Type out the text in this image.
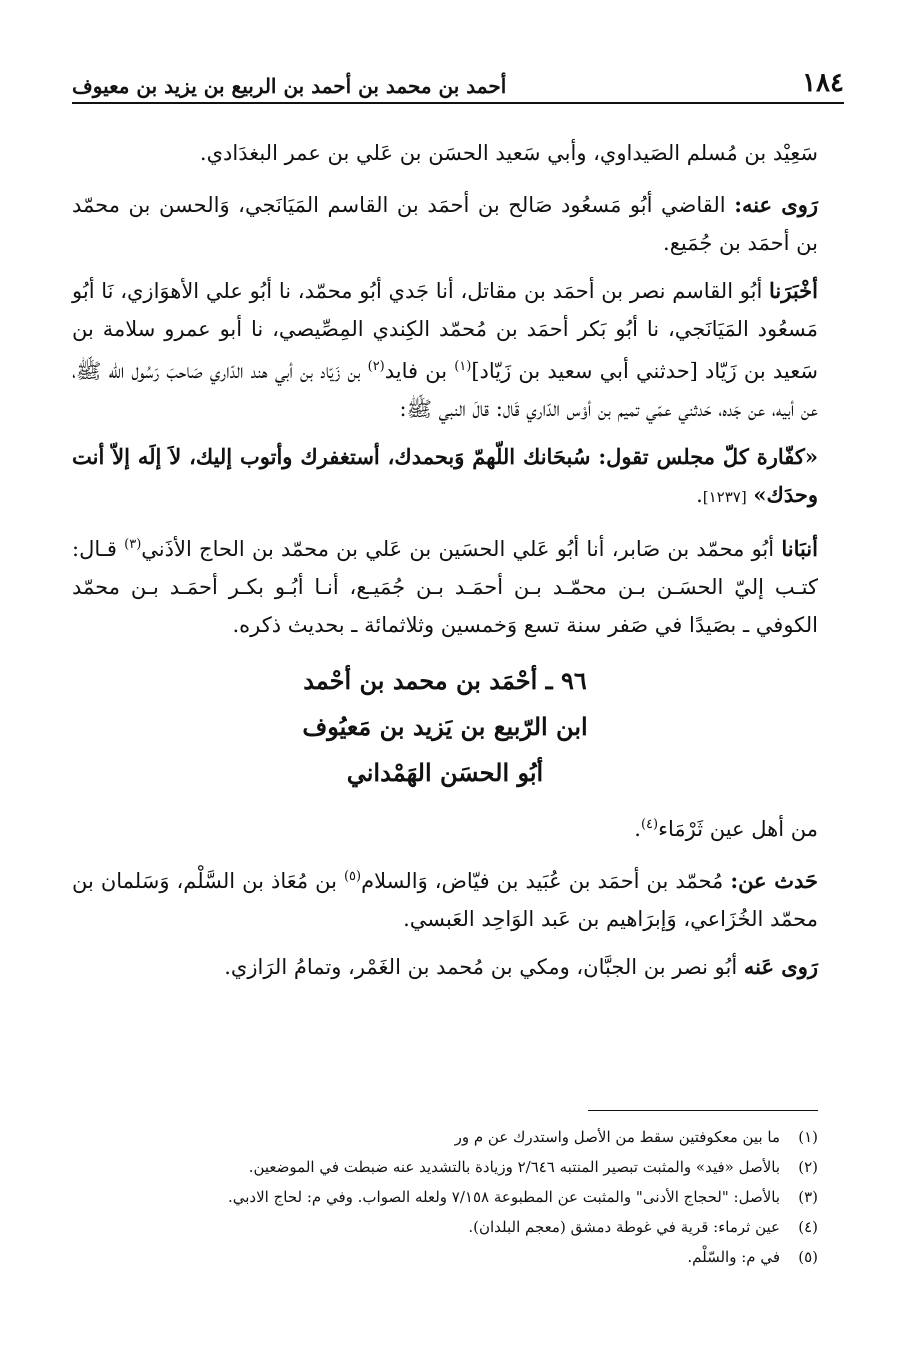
١٨٤
أحمد بن محمد بن أحمد بن الربيع بن يزيد بن معيوف

سَعِيْد بن مُسلم الصَيداوي، وأبي سَعيد الحسَن بن عَلي بن عمر البغدَادي.

رَوى عنه: القاضي أبُو مَسعُود صَالح بن أحمَد بن القاسم المَيَانَجي، وَالحسن بن محمّد بن أحمَد بن جُمَيع.

أخْبَرَنا أبُو القاسم نصر بن أحمَد بن مقاتل، أنا جَدي أبُو محمّد، نا أبُو علي الأهوَازي، نَا أبُو مَسعُود المَيَانَجي، نا أبُو بَكر أحمَد بن مُحمّد الكِندي المِصِّيصي، نا أبو عمرو سلامة بن سَعيد بن زَيّاد [حدثني أبي سعيد بن زَيّاد]$^{(١)}$ بن فايد$^{(٢)}$ بن زَيّاد بن أبي هند الدّاري صَاحبَ رَسُول الله ﷺ، عن أبيه، عن جَده، حَدثني عمّي تميم بن أوْس الدّاري قَال: قالَ النبي ﷺ:

«كفّارة كلّ مجلس تقول: سُبحَانك اللّهمّ وَبحمدك، أستغفرك وأتوب إليك، لاَ إلَه إلاّ أنت وحدَك» [١٢٣٧].

أنبَانا أبُو محمّد بن صَابر، أنا أبُو عَلي الحسَين بن عَلي بن محمّد بن الحاج الأذَني$^{(٣)}$ قـال: كتـب إليّ الحسَـن بـن محمّـد بـن أحمَـد بـن جُمَيـع، أنـا أبُـو بكـر أحمَـد بـن محمّد الكوفي ـ بصَيدًا في صَفر سنة تسع وَخمسين وثلاثمائة ـ بحديث ذكره.

٩٦ ـ أحْمَد بن محمد بن أحْمد
ابن الرّبيع بن يَزيد بن مَعيُوف
أبُو الحسَن الهَمْداني

من أهل عين ثَرْمَاء$^{(٤)}$.

حَدث عن: مُحمّد بن أحمَد بن عُبَيد بن فيّاض، وَالسلام$^{(٥)}$ بن مُعَاذ بن السَّلْم، وَسَلمان بن محمّد الخُزَاعي، وَإبرَاهيم بن عَبد الوَاحِد العَبسي.

رَوى عَنه أبُو نصر بن الجبَّان، ومكي بن مُحمد بن الغَمْر، وتمامُ الرَازي.

(١)
ما بين معكوفتين سقط من الأصل واستدرك عن م ور
(٢)
بالأصل «فيد» والمثبت تبصير المنتبه ٢/٦٤٦ وزيادة بالتشديد عنه ضبطت في الموضعين.
(٣)
بالأصل: "لحجاج الأدنى" والمثبت عن المطبوعة ٧/١٥٨ ولعله الصواب. وفي م: لحاج الادبي.
(٤)
عين ثرماء: قرية في غوطة دمشق (معجم البلدان).
(٥)
في م: والسّلْم.
